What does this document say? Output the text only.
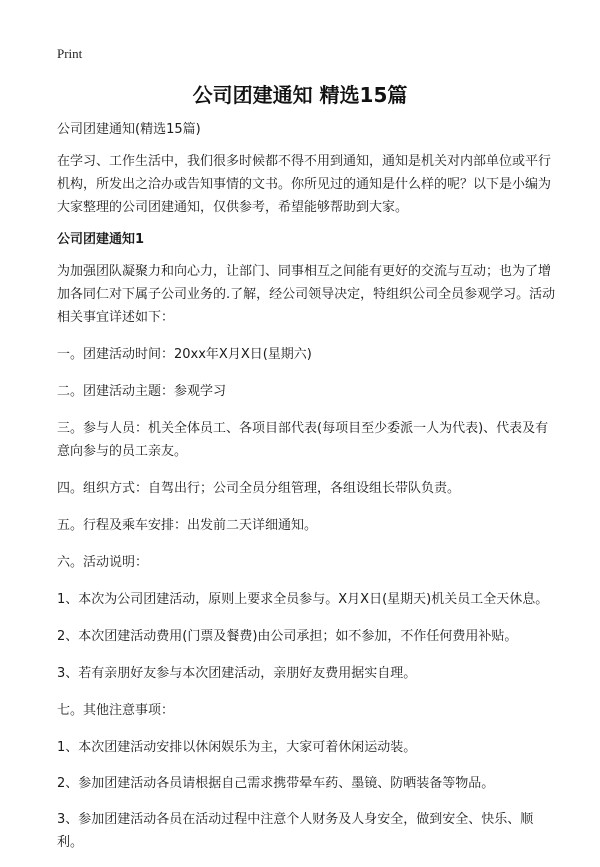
Print
公司团建通知 精选15篇

公司团建通知(精选15篇)

在学习、工作生活中，我们很多时候都不得不用到通知，通知是机关对内部单位或平行机构，所发出之洽办或告知事情的文书。你所见过的通知是什么样的呢？以下是小编为大家整理的公司团建通知，仅供参考，希望能够帮助到大家。

公司团建通知1

为加强团队凝聚力和向心力，让部门、同事相互之间能有更好的交流与互动；也为了增加各同仁对下属子公司业务的.了解，经公司领导决定，特组织公司全员参观学习。活动相关事宜详述如下：

一。团建活动时间：20xx年X月X日(星期六)

二。团建活动主题：参观学习

三。参与人员：机关全体员工、各项目部代表(每项目至少委派一人为代表)、代表及有意向参与的员工亲友。

四。组织方式：自驾出行；公司全员分组管理，各组设组长带队负责。

五。行程及乘车安排：出发前二天详细通知。

六。活动说明：

1、本次为公司团建活动，原则上要求全员参与。X月X日(星期天)机关员工全天休息。

2、本次团建活动费用(门票及餐费)由公司承担；如不参加，不作任何费用补贴。

3、若有亲朋好友参与本次团建活动，亲朋好友费用据实自理。

七。其他注意事项：

1、本次团建活动安排以休闲娱乐为主，大家可着休闲运动装。

2、参加团建活动各员请根据自己需求携带晕车药、墨镜、防晒装备等物品。

3、参加团建活动各员在活动过程中注意个人财务及人身安全，做到安全、快乐、顺利。
